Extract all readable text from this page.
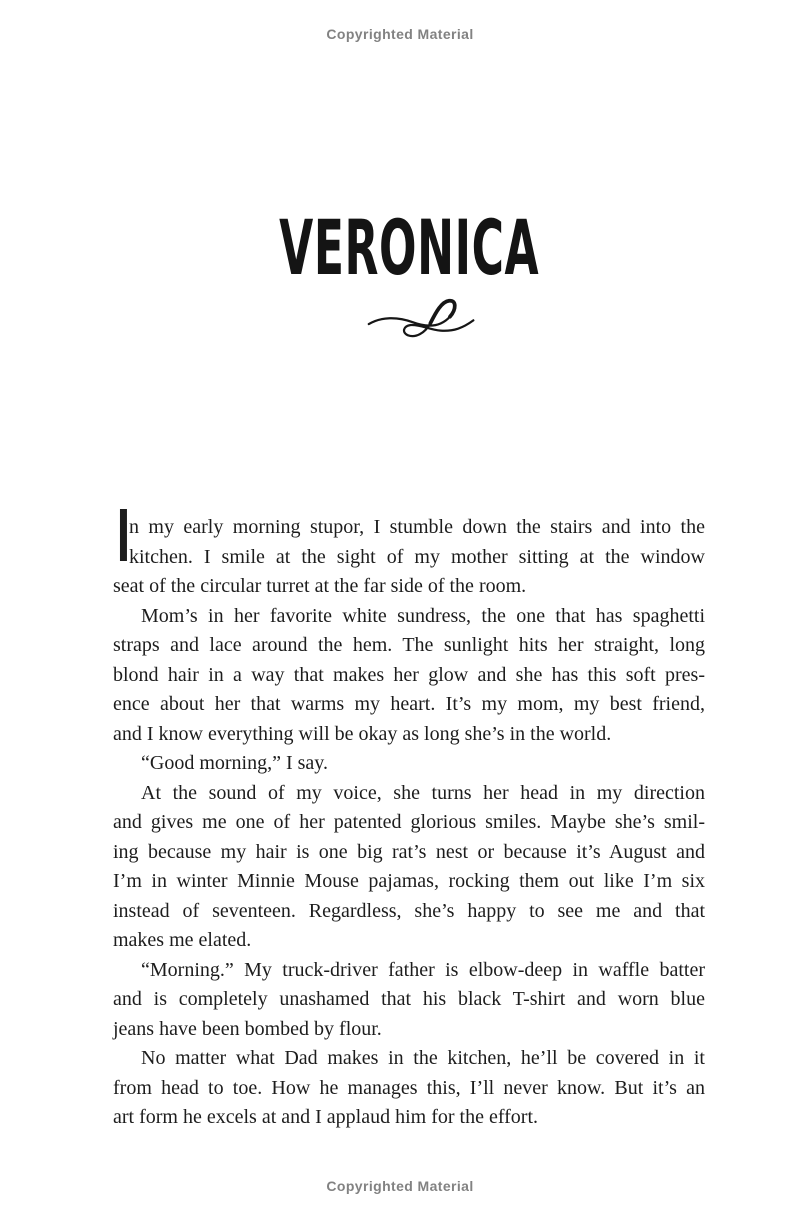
Copyrighted Material
VERONICA
I
n my early morning stupor, I stumble down the stairs and into the
kitchen. I smile at the sight of my mother sitting at the window
seat of the circular turret at the far side of the room.
Mom’s in her favorite white sundress, the one that has spaghetti
straps and lace around the hem. The sunlight hits her straight, long
blond hair in a way that makes her glow and she has this soft pres-
ence about her that warms my heart. It’s my mom, my best friend,
and I know everything will be okay as long she’s in the world.
“Good morning,” I say.
At the sound of my voice, she turns her head in my direction
and gives me one of her patented glorious smiles. Maybe she’s smil-
ing because my hair is one big rat’s nest or because it’s August and
I’m in winter Minnie Mouse pajamas, rocking them out like I’m six
instead of seventeen. Regardless, she’s happy to see me and that
makes me elated.
“Morning.” My truck-driver father is elbow-deep in waffle batter
and is completely unashamed that his black T-shirt and worn blue
jeans have been bombed by flour.
No matter what Dad makes in the kitchen, he’ll be covered in it
from head to toe. How he manages this, I’ll never know. But it’s an
art form he excels at and I applaud him for the effort.
Copyrighted Material
